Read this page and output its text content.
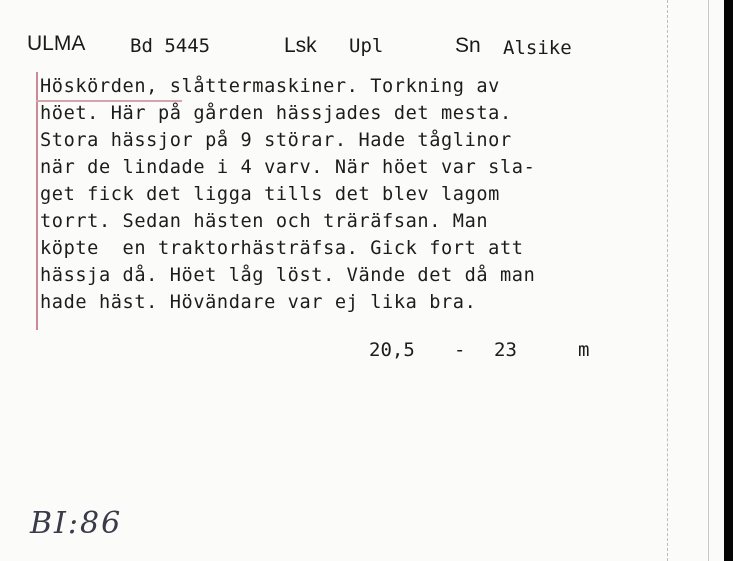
ULMA Bd 5445	Lsk Upl	Sn Alsike
Höskörden, slåttermaskiner. Torkning av
höet. Här på gården hässjades det mesta.
Stora hässjor på 9 störar. Hade tåglinor
när de lindade i 4 varv. När höet var sla-
get fick det ligga tills det blev lagom
torrt. Sedan hästen och träräfsan. Man
köpte  en traktorhästräfsa. Gick fort att
hässja då. Höet låg löst. Vände det då man
hade häst. Hövändare var ej lika bra.
20,5 - 23	m
BI:86
